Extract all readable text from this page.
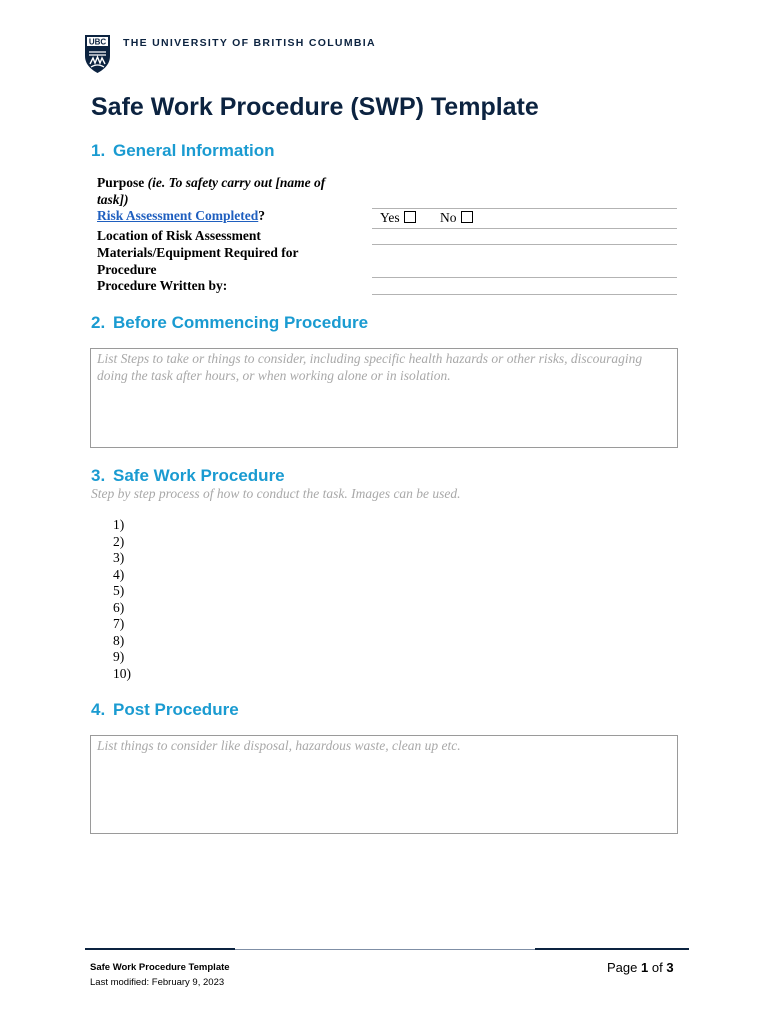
UBC THE UNIVERSITY OF BRITISH COLUMBIA
Safe Work Procedure (SWP) Template
1. General Information
Purpose (ie. To safety carry out [name of task])
Risk Assessment Completed?
Location of Risk Assessment
Materials/Equipment Required for Procedure
Procedure Written by:
Yes	No
2. Before Commencing Procedure
List Steps to take or things to consider, including specific health hazards or other risks, discouraging doing the task after hours, or when working alone or in isolation.
3. Safe Work Procedure
Step by step process of how to conduct the task. Images can be used.
1)
2)
3)
4)
5)
6)
7)
8)
9)
10)
4. Post Procedure
List things to consider like disposal, hazardous waste, clean up etc.
Safe Work Procedure Template
Last modified: February 9, 2023
Page 1 of 3
